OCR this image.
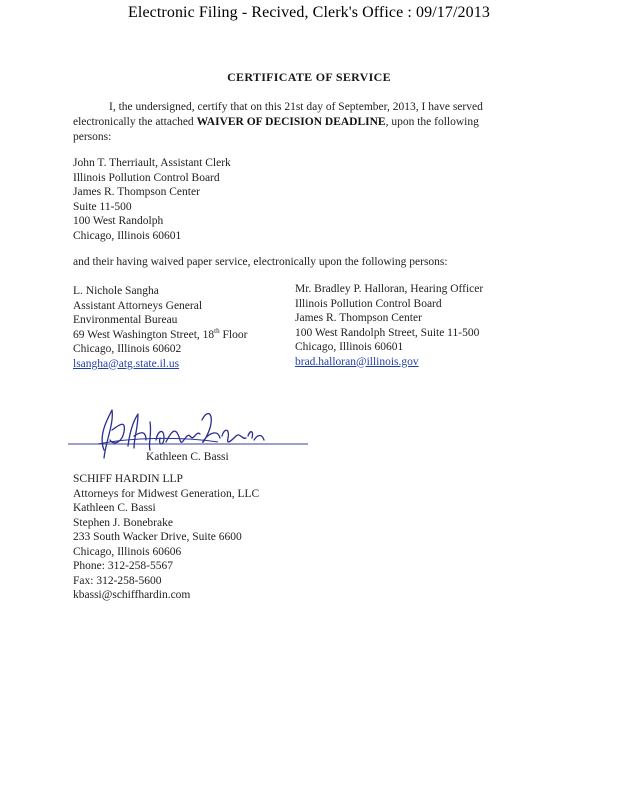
Electronic Filing - Recived, Clerk's Office : 09/17/2013
CERTIFICATE OF SERVICE
I, the undersigned, certify that on this 21st day of September, 2013, I have served electronically the attached WAIVER OF DECISION DEADLINE, upon the following persons:
John T. Therriault, Assistant Clerk
Illinois Pollution Control Board
James R. Thompson Center
Suite 11-500
100 West Randolph
Chicago, Illinois 60601
and their having waived paper service, electronically upon the following persons:
L. Nichole Sangha
Assistant Attorneys General
Environmental Bureau
69 West Washington Street, 18th Floor
Chicago, Illinois 60602
lsangha@atg.state.il.us
Mr. Bradley P. Halloran, Hearing Officer
Illinois Pollution Control Board
James R. Thompson Center
100 West Randolph Street, Suite 11-500
Chicago, Illinois 60601
brad.halloran@illinois.gov
Kathleen C. Bassi
SCHIFF HARDIN LLP
Attorneys for Midwest Generation, LLC
Kathleen C. Bassi
Stephen J. Bonebrake
233 South Wacker Drive, Suite 6600
Chicago, Illinois 60606
Phone: 312-258-5567
Fax: 312-258-5600
kbassi@schiffhardin.com
